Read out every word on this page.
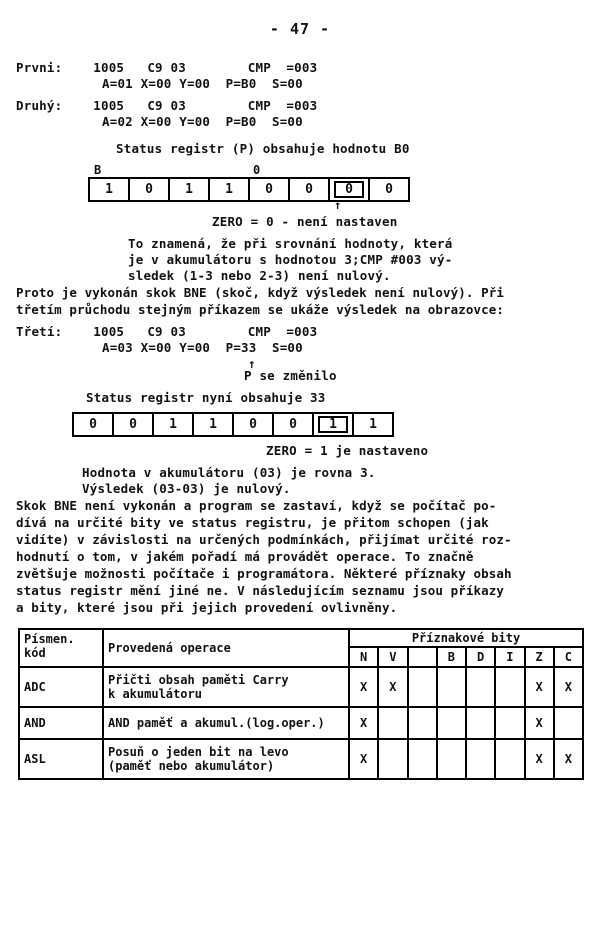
- 47 -
Prvni:    1005   C9 03        CMP  =003
A=01 X=00 Y=00  P=B0  S=00
Druhý:    1005   C9 03        CMP  =003
A=02 X=00 Y=00  P=B0  S=00
Status registr (P) obsahuje hodnotu B0
B	0
1	0	1	1	0	0	0	0
↑
ZERO = 0 - není nastaven
To znamená, že při srovnání hodnoty, která
je v akumulátoru s hodnotou 3;CMP #003 vý-
sledek (1-3 nebo 2-3) není nulový.
Proto je vykonán skok BNE (skoč, když výsledek není nulový). Při
třetím průchodu stejným příkazem se ukáže výsledek na obrazovce:
Třetí:    1005   C9 03        CMP  =003
A=03 X=00 Y=00  P=33  S=00
↑
P se změnilo
Status registr nyní obsahuje 33
0	0	1	1	0	0	1	1
ZERO = 1 je nastaveno
Hodnota v akumulátoru (03) je rovna 3.
Výsledek (03-03) je nulový.
Skok BNE není vykonán a program se zastaví, když se počítač po-
dívá na určité bity ve status registru, je přitom schopen (jak
vidíte) v závislosti na určených podmínkách, přijímat určité roz-
hodnutí o tom, v jakém pořadí má provádět operace. To značně
zvětšuje možnosti počítače i programátora. Některé příznaky obsah
status registr mění jiné ne. V následujícím seznamu jsou příkazy
a bity, které jsou při jejich provedení ovlivněny.
Písmen.
kód	Provedená operace	Příznakové bity							
		N	V		B	D	I	Z	C
ADC	Přičti obsah paměti Carry
k akumulátoru	X	X					X	X
AND	AND paměť a akumul.(log.oper.)	X						X	
ASL	Posuň o jeden bit na levo
(paměť nebo akumulátor)	X						X	X
